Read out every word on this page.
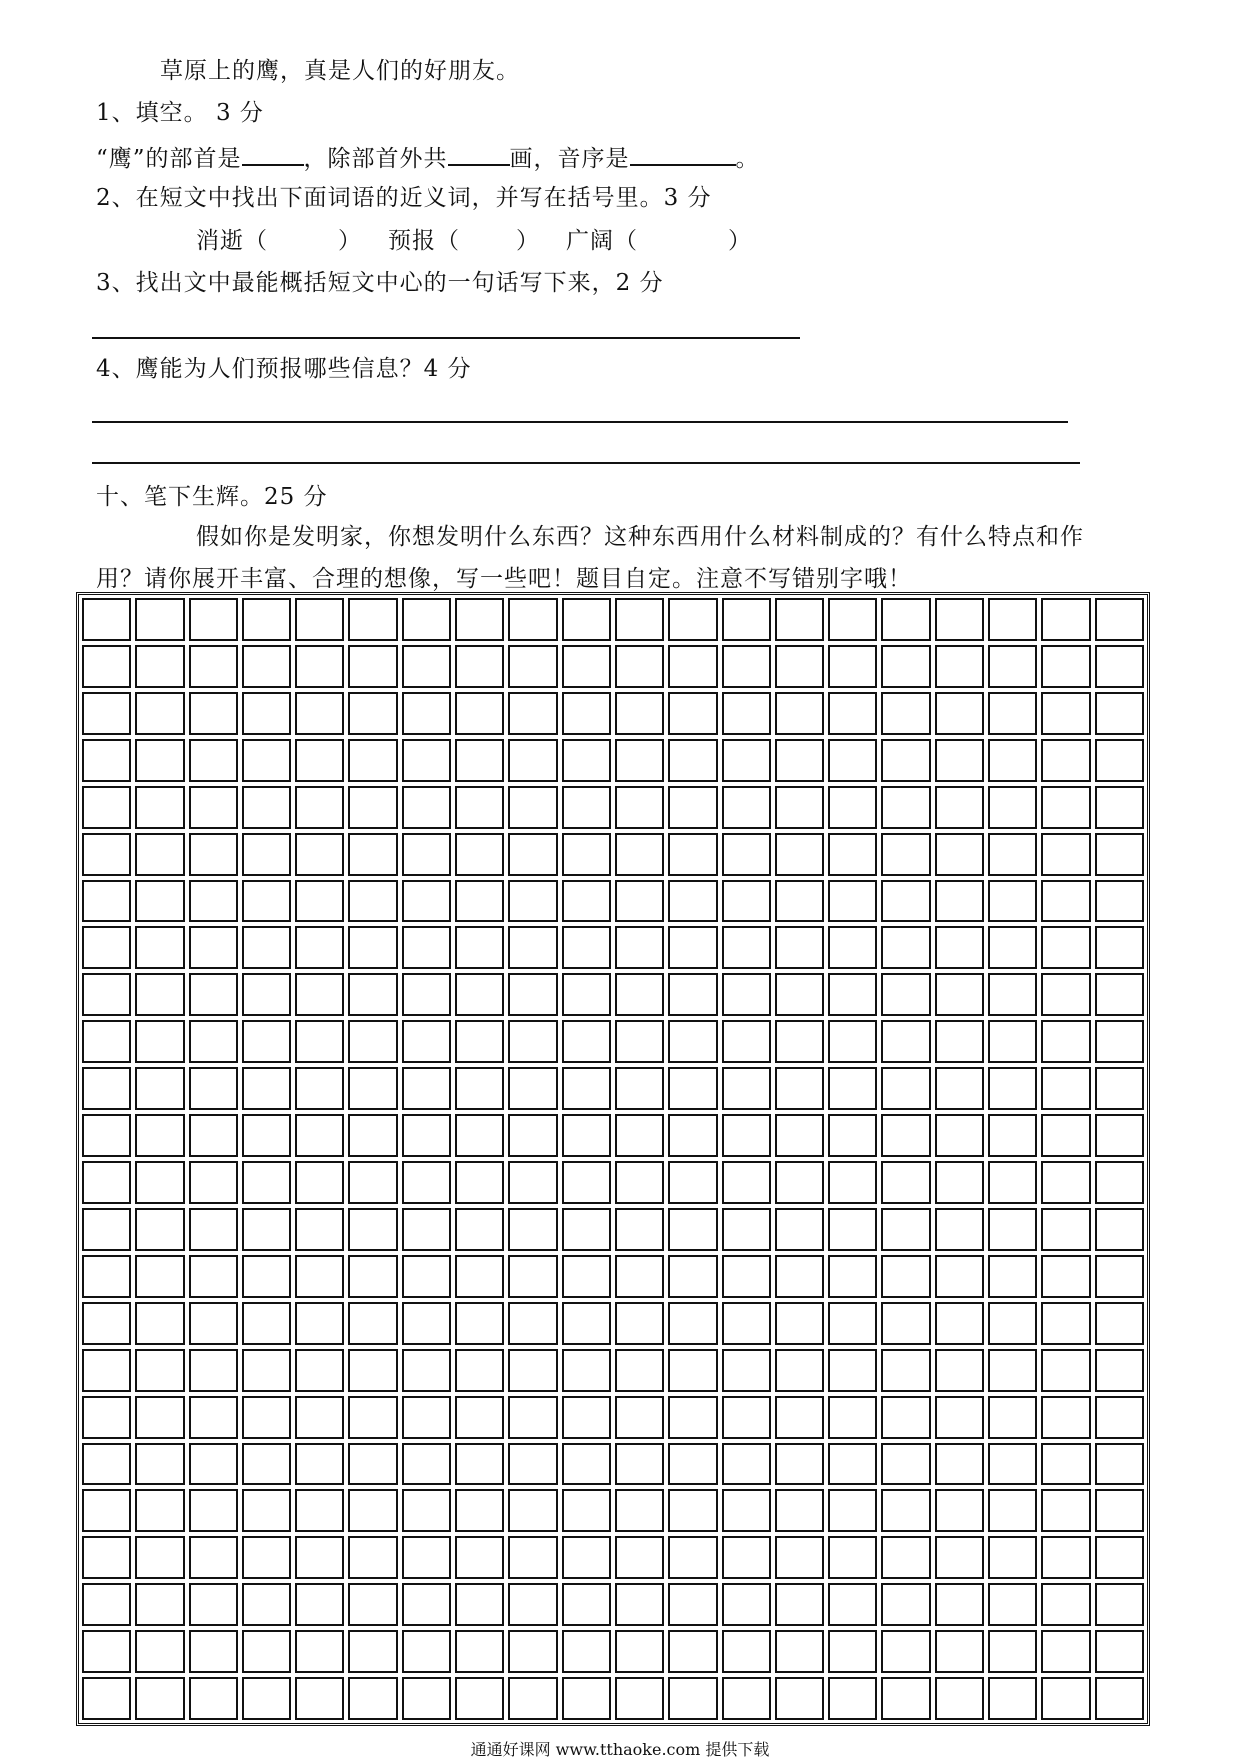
草原上的鹰，真是人们的好朋友。
1、填空。 3 分
“鹰”的部首是	，除部首外共	画，音序是	。
2、在短文中找出下面词语的近义词，并写在括号里。3 分
消逝（	） 预报（ ） 广阔（	）
3、找出文中最能概括短文中心的一句话写下来，2 分
4、鹰能为人们预报哪些信息？4 分
十、笔下生辉。25 分
假如你是发明家，你想发明什么东西？这种东西用什么材料制成的？有什么特点和作
用？请你展开丰富、合理的想像，写一些吧！题目自定。注意不写错别字哦！
通通好课网 www.tthaoke.com 提供下载
